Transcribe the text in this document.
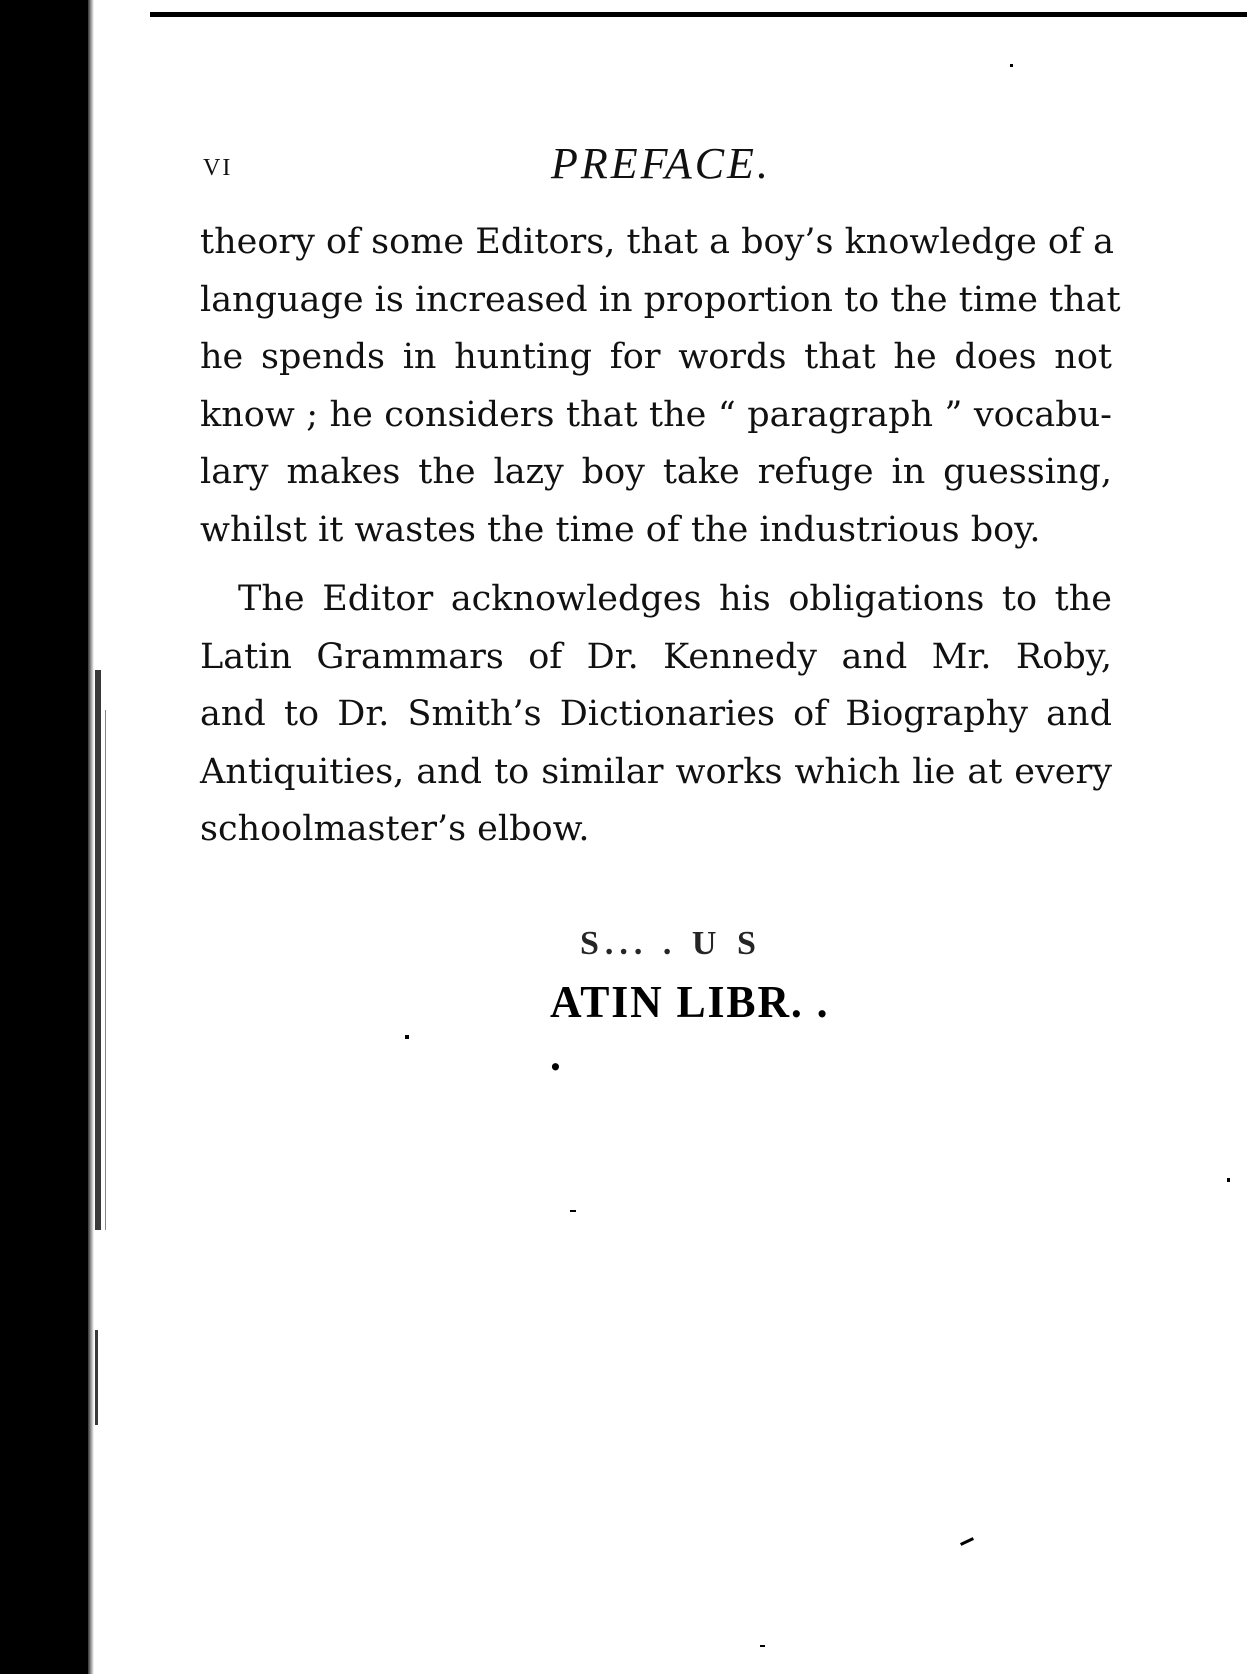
vi	PREFACE.
theory of some Editors, that a boy’s knowledge of a
language is increased in proportion to the time that
he spends in hunting for words that he does not
know ; he considers that the “ paragraph ” vocabu-
lary makes the lazy boy take refuge in guessing,
whilst it wastes the time of the industrious boy.
The Editor acknowledges his obligations to the
Latin Grammars of Dr. Kennedy and Mr. Roby,
and to Dr. Smith’s Dictionaries of Biography and
Antiquities, and to similar works which lie at every
schoolmaster’s elbow.
S... . U S
ATIN LIBR. . .
